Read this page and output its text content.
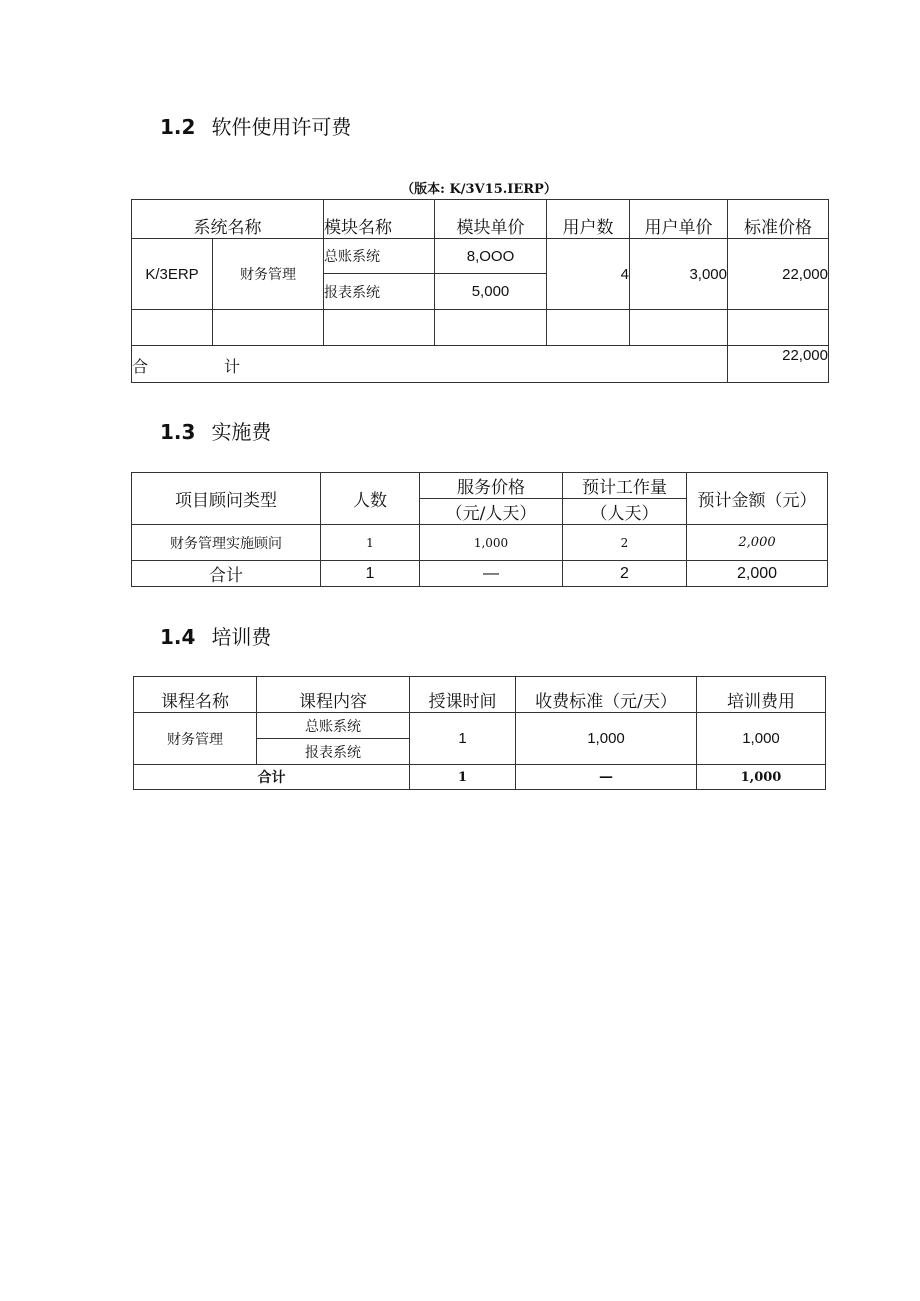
1.2 软件使用许可费
（版本: K/3V15.IERP）
系统名称		模块名称	模块单价	用户数	用户单价	标准价格
K/3ERP	财务管理	总账系统	8,OOO	4	3,000	22,000
		报表系统	5,000			

合 计						22,000
1.3 实施费
项目顾问类型	人数	服务价格	预计工作量	预计金额（元）
		（元/人天）	（人天）	
财务管理实施顾问	1	1,000	2	2,000
合计	1	—	2	2,000
1.4 培训费
课程名称	课程内容	授课时间	收费标准（元/天）	培训费用
财务管理	总账系统	1	1,000	1,000
	报表系统			
合计		1	—	1,000
